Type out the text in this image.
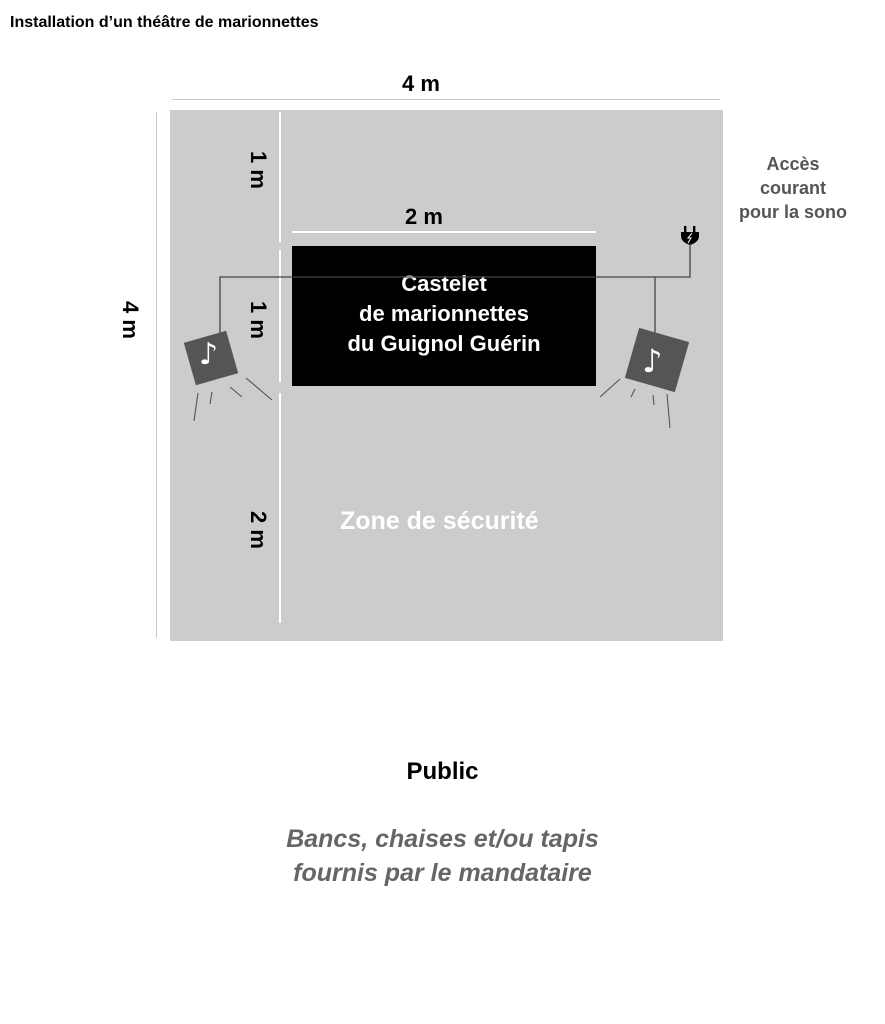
Installation d’un théâtre de marionnettes
4 m
4 m
1 m
1 m
2 m
2 m
Castelet
de marionnettes
du Guignol Guérin
♪	♪
Zone de sécurité
Accès
courant
pour la sono
Public
Bancs, chaises et/ou tapis
fournis par le mandataire
